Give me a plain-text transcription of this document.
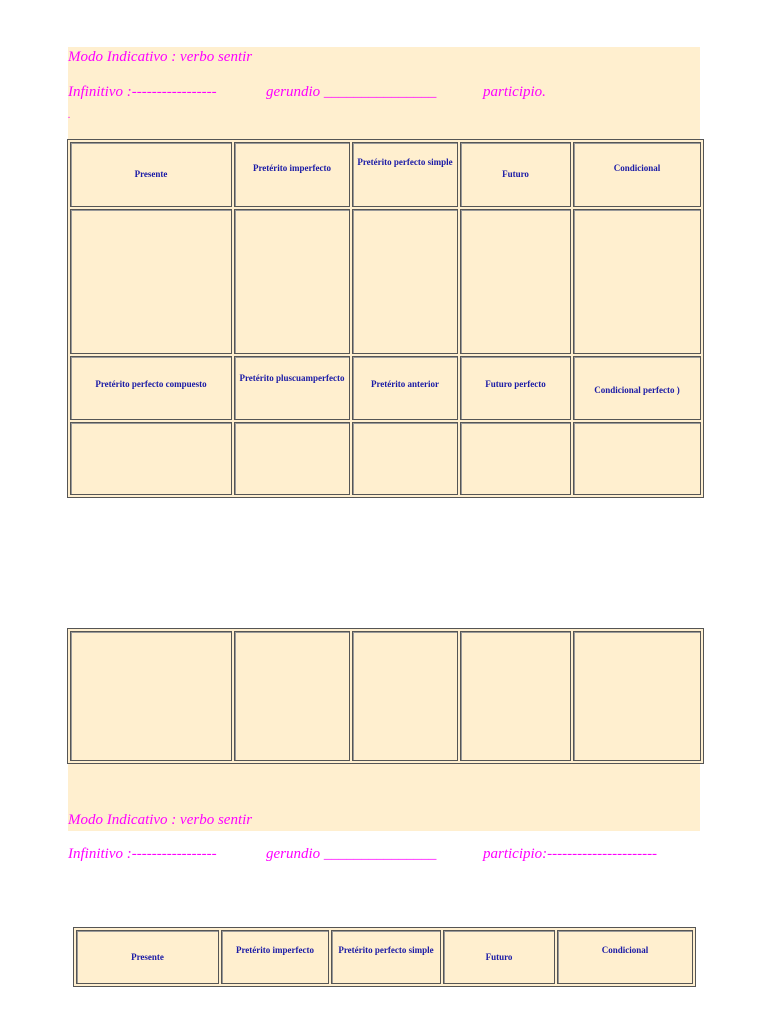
Modo Indicativo : verbo sentir
Infinitivo :-----------------	gerundio _______________	participio.
.
Presente	Pretérito imperfecto	Pretérito perfecto simple	Futuro	Condicional

Pretérito perfecto compuesto	Pretérito pluscuamperfecto	Pretérito anterior	Futuro perfecto	Condicional perfecto )

Modo Indicativo : verbo sentir
Infinitivo :-----------------	gerundio _______________	participio:----------------------
Presente	Pretérito imperfecto	Pretérito perfecto simple	Futuro	Condicional
